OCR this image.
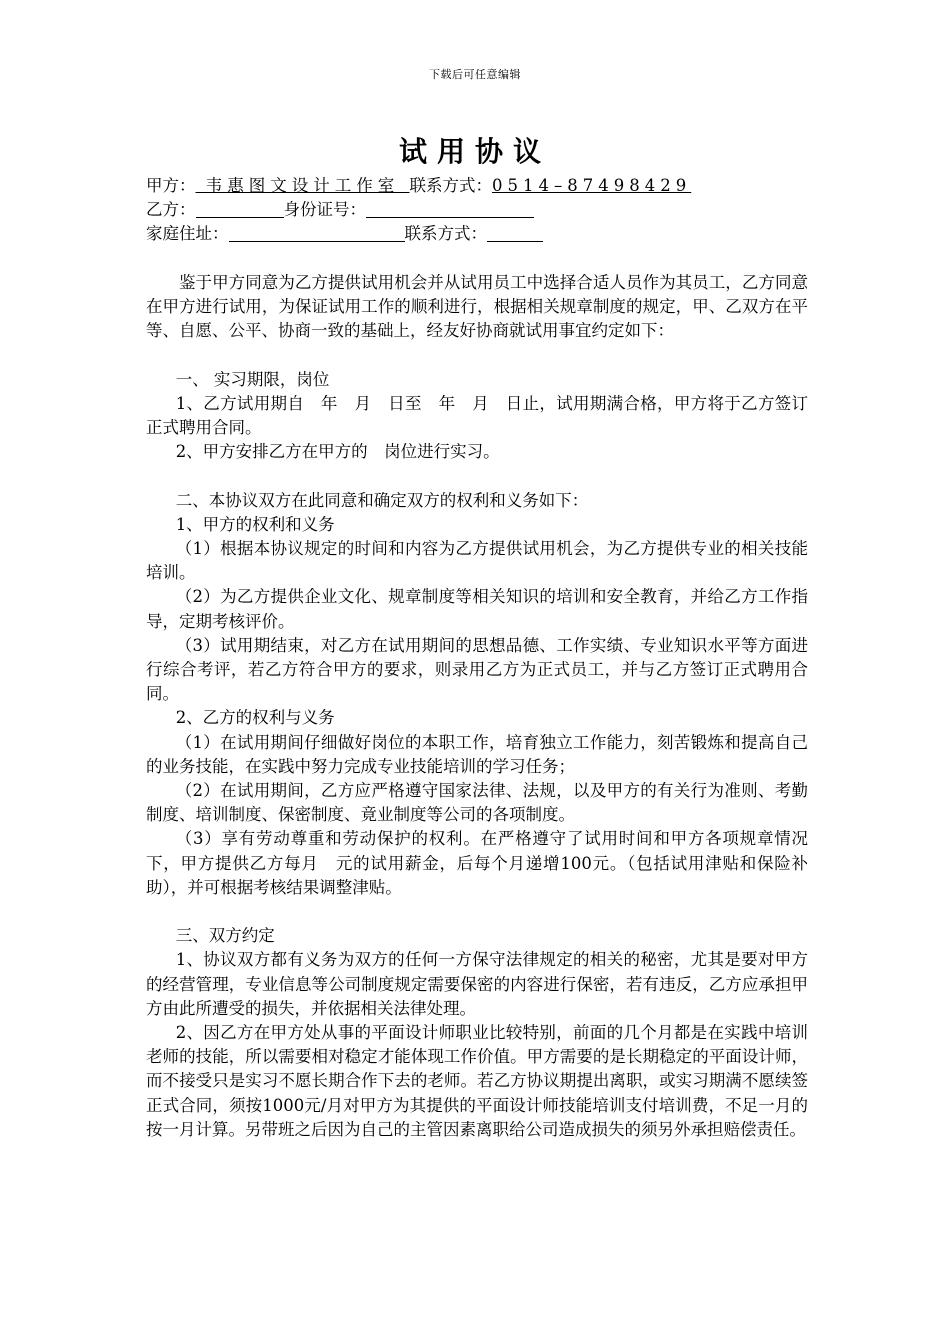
下载后可任意编辑
试用协议
甲方： 韦惠图文设计工作室 联系方式：0514–87498429
乙方：	身份证号：
家庭住址：	联系方式：

鉴于甲方同意为乙方提供试用机会并从试用员工中选择合适人员作为其员工，乙方同意在甲方进行试用，为保证试用工作的顺利进行，根据相关规章制度的规定，甲、乙双方在平等、自愿、公平、协商一致的基础上，经友好协商就试用事宜约定如下：

一、 实习期限，岗位

1、乙方试用期自　年　月　日至　年　月　日止，试用期满合格，甲方将于乙方签订正式聘用合同。

2、甲方安排乙方在甲方的　岗位进行实习。

二、本协议双方在此同意和确定双方的权利和义务如下：

1、甲方的权利和义务

（1）根据本协议规定的时间和内容为乙方提供试用机会，为乙方提供专业的相关技能培训。

（2）为乙方提供企业文化、规章制度等相关知识的培训和安全教育，并给乙方工作指导，定期考核评价。

（3）试用期结束，对乙方在试用期间的思想品德、工作实绩、专业知识水平等方面进行综合考评，若乙方符合甲方的要求，则录用乙方为正式员工，并与乙方签订正式聘用合同。

2、乙方的权利与义务

（1）在试用期间仔细做好岗位的本职工作，培育独立工作能力，刻苦锻炼和提高自己的业务技能，在实践中努力完成专业技能培训的学习任务；

（2）在试用期间，乙方应严格遵守国家法律、法规，以及甲方的有关行为准则、考勤制度、培训制度、保密制度、竟业制度等公司的各项制度。

（3）享有劳动尊重和劳动保护的权利。在严格遵守了试用时间和甲方各项规章情况下，甲方提供乙方每月　元的试用薪金，后每个月递增100元。（包括试用津贴和保险补助），并可根据考核结果调整津贴。

三、双方约定

1、协议双方都有义务为双方的任何一方保守法律规定的相关的秘密，尤其是要对甲方的经营管理，专业信息等公司制度规定需要保密的内容进行保密，若有违反，乙方应承担甲方由此所遭受的损失，并依据相关法律处理。

2、因乙方在甲方处从事的平面设计师职业比较特别，前面的几个月都是在实践中培训老师的技能，所以需要相对稳定才能体现工作价值。甲方需要的是长期稳定的平面设计师，而不接受只是实习不愿长期合作下去的老师。若乙方协议期提出离职，或实习期满不愿续签正式合同，须按1000元/月对甲方为其提供的平面设计师技能培训支付培训费，不足一月的按一月计算。另带班之后因为自己的主管因素离职给公司造成损失的须另外承担赔偿责任。
